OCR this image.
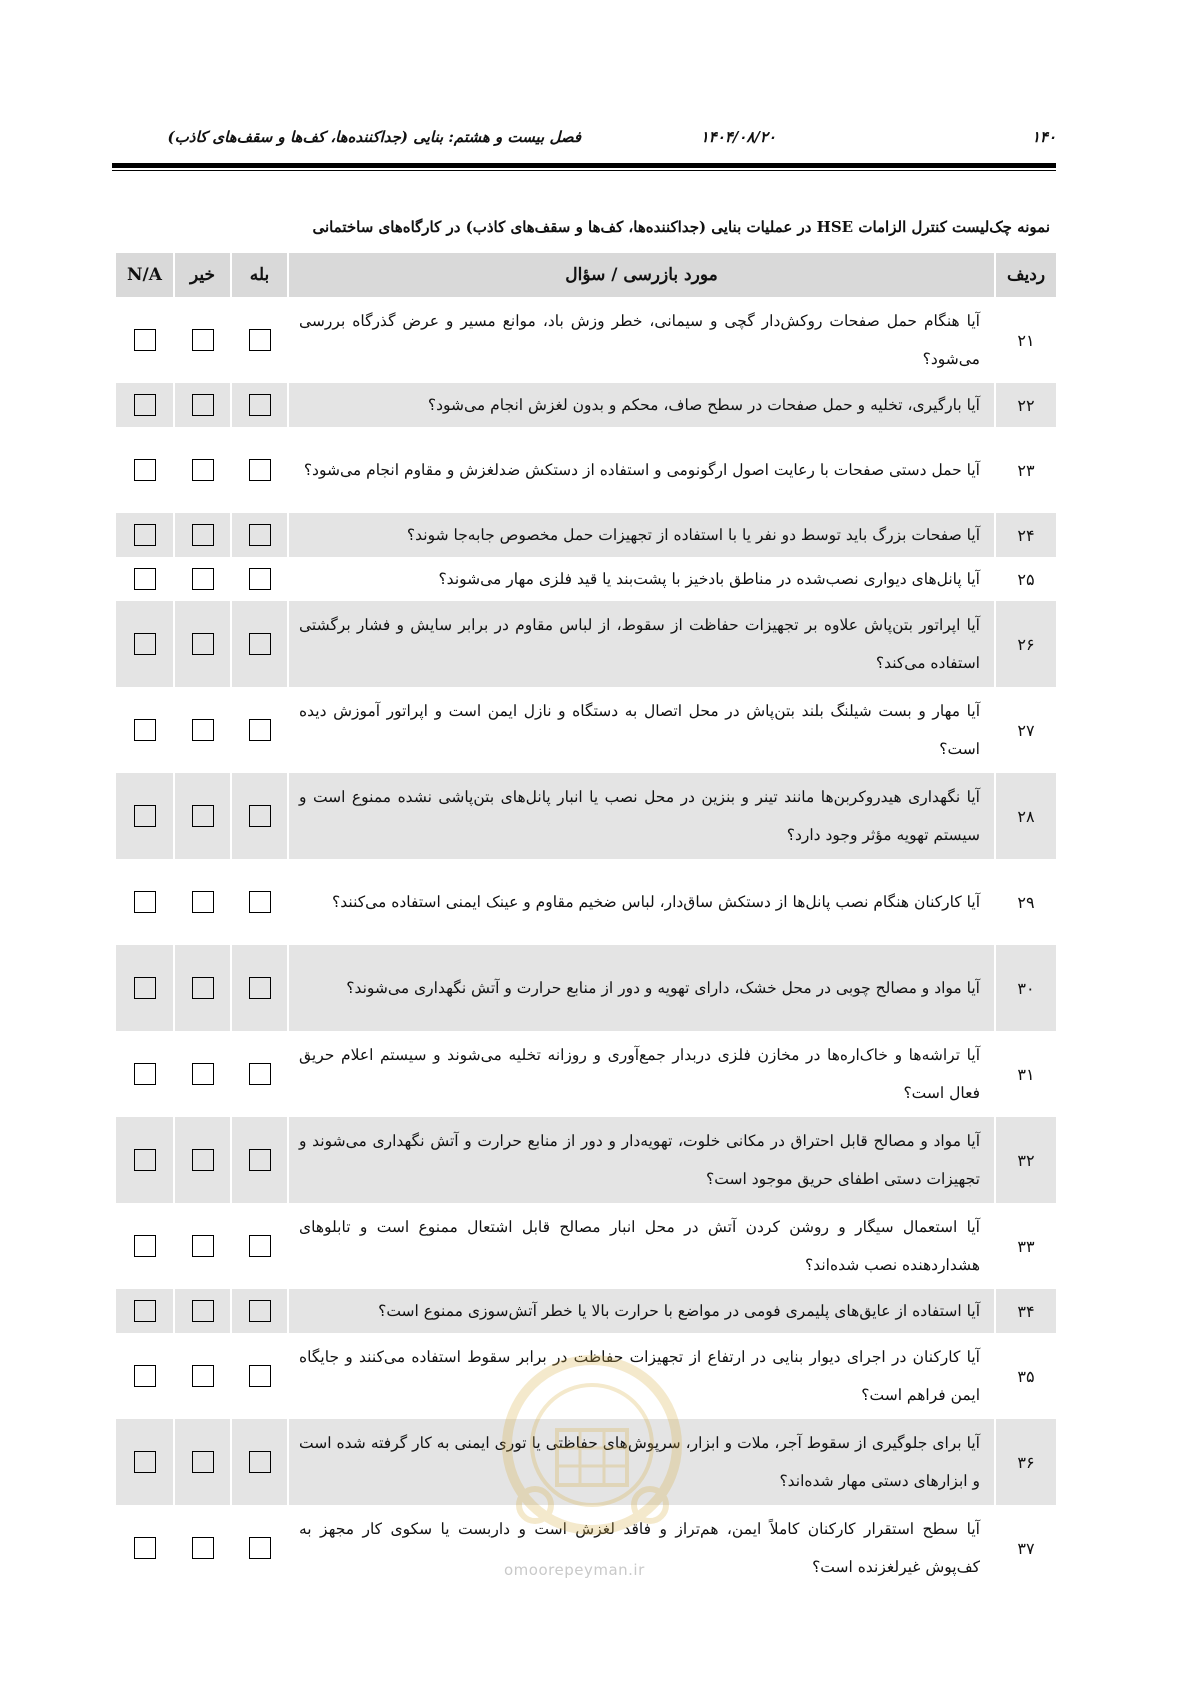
۱۴۰
۱۴۰۴/۰۸/۲۰
فصل بیست و هشتم: بنایی (جداکننده‌ها، کف‌ها و سقف‌های کاذب)
نمونه چک‌لیست کنترل الزامات HSE در عملیات بنایی (جداکننده‌ها، کف‌ها و سقف‌های کاذب) در کارگاه‌های ساختمانی
ردیف	مورد بازرسی / سؤال	بله	خیر	N/A
۲۱	آیا هنگام حمل صفحات روکش‌دار گچی و سیمانی، خطر وزش باد، موانع مسیر و عرض گذرگاه بررسی می‌شود؟			
۲۲	آیا بارگیری، تخلیه و حمل صفحات در سطح صاف، محکم و بدون لغزش انجام می‌شود؟			
۲۳	آیا حمل دستی صفحات با رعایت اصول ارگونومی و استفاده از دستکش ضدلغزش و مقاوم انجام می‌شود؟			
۲۴	آیا صفحات بزرگ باید توسط دو نفر یا با استفاده از تجهیزات حمل مخصوص جابه‌جا شوند؟			
۲۵	آیا پانل‌های دیواری نصب‌شده در مناطق بادخیز با پشت‌بند یا قید فلزی مهار می‌شوند؟			
۲۶	آیا اپراتور بتن‌پاش علاوه بر تجهیزات حفاظت از سقوط، از لباس مقاوم در برابر سایش و فشار برگشتی استفاده می‌کند؟			
۲۷	آیا مهار و بست شیلنگ بلند بتن‌پاش در محل اتصال به دستگاه و نازل ایمن است و اپراتور آموزش دیده است؟			
۲۸	آیا نگهداری هیدروکربن‌ها مانند تینر و بنزین در محل نصب یا انبار پانل‌های بتن‌پاشی نشده ممنوع است و سیستم تهویه مؤثر وجود دارد؟			
۲۹	آیا کارکنان هنگام نصب پانل‌ها از دستکش ساق‌دار، لباس ضخیم مقاوم و عینک ایمنی استفاده می‌کنند؟			
۳۰	آیا مواد و مصالح چوبی در محل خشک، دارای تهویه و دور از منابع حرارت و آتش نگهداری می‌شوند؟			
۳۱	آیا تراشه‌ها و خاک‌اره‌ها در مخازن فلزی دربدار جمع‌آوری و روزانه تخلیه می‌شوند و سیستم اعلام حریق فعال است؟			
۳۲	آیا مواد و مصالح قابل احتراق در مکانی خلوت، تهویه‌دار و دور از منابع حرارت و آتش نگهداری می‌شوند و تجهیزات دستی اطفای حریق موجود است؟			
۳۳	آیا استعمال سیگار و روشن کردن آتش در محل انبار مصالح قابل اشتعال ممنوع است و تابلوهای هشداردهنده نصب شده‌اند؟			
۳۴	آیا استفاده از عایق‌های پلیمری فومی در مواضع با حرارت بالا یا خطر آتش‌سوزی ممنوع است؟			
۳۵	آیا کارکنان در اجرای دیوار بنایی در ارتفاع از تجهیزات حفاظت در برابر سقوط استفاده می‌کنند و جایگاه ایمن فراهم است؟			
۳۶	آیا برای جلوگیری از سقوط آجر، ملات و ابزار، سرپوش‌های حفاظتی یا توری ایمنی به کار گرفته شده است و ابزارهای دستی مهار شده‌اند؟			
۳۷	آیا سطح استقرار کارکنان کاملاً ایمن، هم‌تراز و فاقد لغزش است و داربست یا سکوی کار مجهز به کف‌پوش غیرلغزنده است؟			
omoorepeyman.ir
